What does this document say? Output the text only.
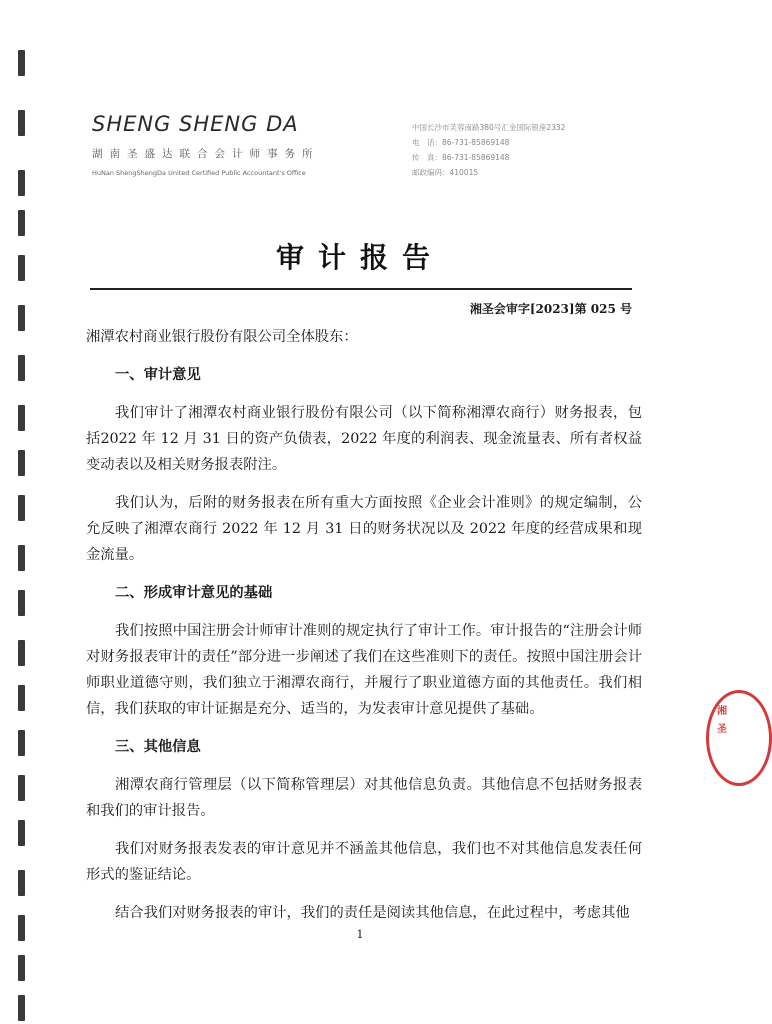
SHENG SHENG DA
湖南圣盛达联合会计师事务所
HuNan ShengShengDa United Certified Public Accountant's Office
中国长沙市芙蓉南路380号汇金国际银座2332
电　话：86-731-85869148
传　真：86-731-85869148
邮政编码：410015
审计报告
湘圣会审字[2023]第 025 号

湘潭农村商业银行股份有限公司全体股东：

一、审计意见

我们审计了湘潭农村商业银行股份有限公司（以下简称湘潭农商行）财务报表，包括2022 年 12 月 31 日的资产负债表，2022 年度的利润表、现金流量表、所有者权益变动表以及相关财务报表附注。

我们认为，后附的财务报表在所有重大方面按照《企业会计准则》的规定编制，公允反映了湘潭农商行 2022 年 12 月 31 日的财务状况以及 2022 年度的经营成果和现金流量。

二、形成审计意见的基础

我们按照中国注册会计师审计准则的规定执行了审计工作。审计报告的“注册会计师对财务报表审计的责任”部分进一步阐述了我们在这些准则下的责任。按照中国注册会计师职业道德守则，我们独立于湘潭农商行，并履行了职业道德方面的其他责任。我们相信，我们获取的审计证据是充分、适当的，为发表审计意见提供了基础。

三、其他信息

湘潭农商行管理层（以下简称管理层）对其他信息负责。其他信息不包括财务报表和我们的审计报告。

我们对财务报表发表的审计意见并不涵盖其他信息，我们也不对其他信息发表任何形式的鉴证结论。

结合我们对财务报表的审计，我们的责任是阅读其他信息，在此过程中，考虑其他

1
湘
圣
